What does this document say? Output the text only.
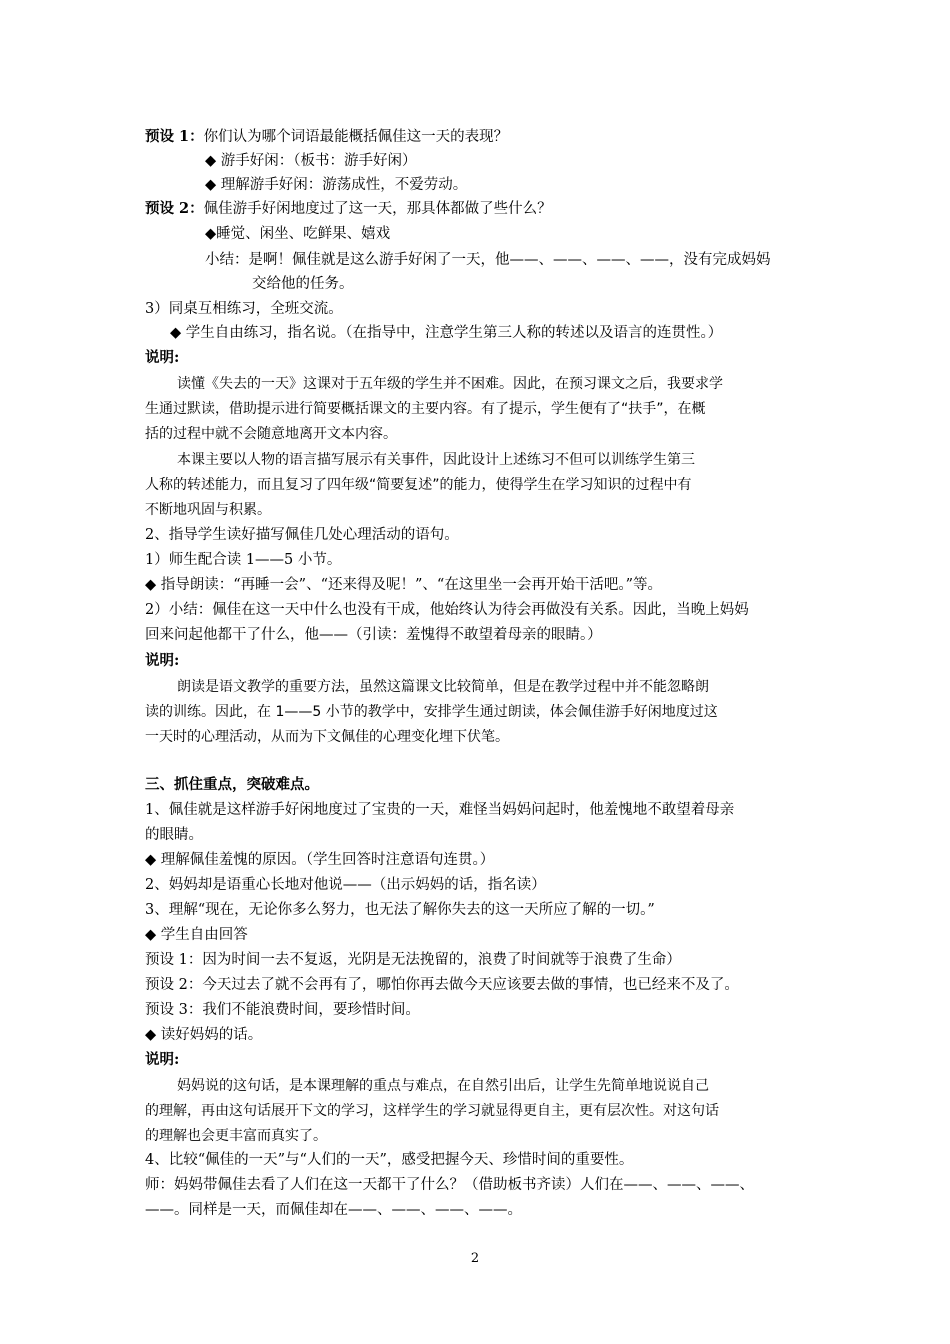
预设 1：你们认为哪个词语最能概括佩佳这一天的表现？
◆ 游手好闲：（板书：游手好闲）
◆ 理解游手好闲：游荡成性，不爱劳动。
预设 2：佩佳游手好闲地度过了这一天，那具体都做了些什么？
◆睡觉、闲坐、吃鲜果、嬉戏
小结：是啊！佩佳就是这么游手好闲了一天，他——、——、——、——，没有完成妈妈
交给他的任务。
3）同桌互相练习，全班交流。
◆ 学生自由练习，指名说。（在指导中，注意学生第三人称的转述以及语言的连贯性。）
说明:
读懂《失去的一天》这课对于五年级的学生并不困难。因此，在预习课文之后，我要求学
生通过默读，借助提示进行简要概括课文的主要内容。有了提示，学生便有了“扶手”，在概
括的过程中就不会随意地离开文本内容。
本课主要以人物的语言描写展示有关事件，因此设计上述练习不但可以训练学生第三
人称的转述能力，而且复习了四年级“简要复述”的能力，使得学生在学习知识的过程中有
不断地巩固与积累。
2、指导学生读好描写佩佳几处心理活动的语句。
1）师生配合读 1——5 小节。
◆ 指导朗读：“再睡一会”、“还来得及呢！”、“在这里坐一会再开始干活吧。”等。
2）小结：佩佳在这一天中什么也没有干成，他始终认为待会再做没有关系。因此，当晚上妈妈
回来问起他都干了什么，他——（引读：羞愧得不敢望着母亲的眼睛。）
说明:
朗读是语文教学的重要方法，虽然这篇课文比较简单，但是在教学过程中并不能忽略朗
读的训练。因此，在 1——5 小节的教学中，安排学生通过朗读，体会佩佳游手好闲地度过这
一天时的心理活动，从而为下文佩佳的心理变化埋下伏笔。
三、抓住重点，突破难点。
1、佩佳就是这样游手好闲地度过了宝贵的一天，难怪当妈妈问起时，他羞愧地不敢望着母亲
的眼睛。
◆ 理解佩佳羞愧的原因。（学生回答时注意语句连贯。）
2、妈妈却是语重心长地对他说——（出示妈妈的话，指名读）
3、理解“现在，无论你多么努力，也无法了解你失去的这一天所应了解的一切。”
◆ 学生自由回答
预设 1：因为时间一去不复返，光阴是无法挽留的，浪费了时间就等于浪费了生命）
预设 2：今天过去了就不会再有了，哪怕你再去做今天应该要去做的事情，也已经来不及了。
预设 3：我们不能浪费时间，要珍惜时间。
◆ 读好妈妈的话。
说明:
妈妈说的这句话，是本课理解的重点与难点，在自然引出后，让学生先简单地说说自己
的理解，再由这句话展开下文的学习，这样学生的学习就显得更自主，更有层次性。对这句话
的理解也会更丰富而真实了。
4、比较“佩佳的一天”与“人们的一天”，感受把握今天、珍惜时间的重要性。
师：妈妈带佩佳去看了人们在这一天都干了什么？（借助板书齐读）人们在——、——、——、
——。同样是一天，而佩佳却在——、——、——、——。
2
